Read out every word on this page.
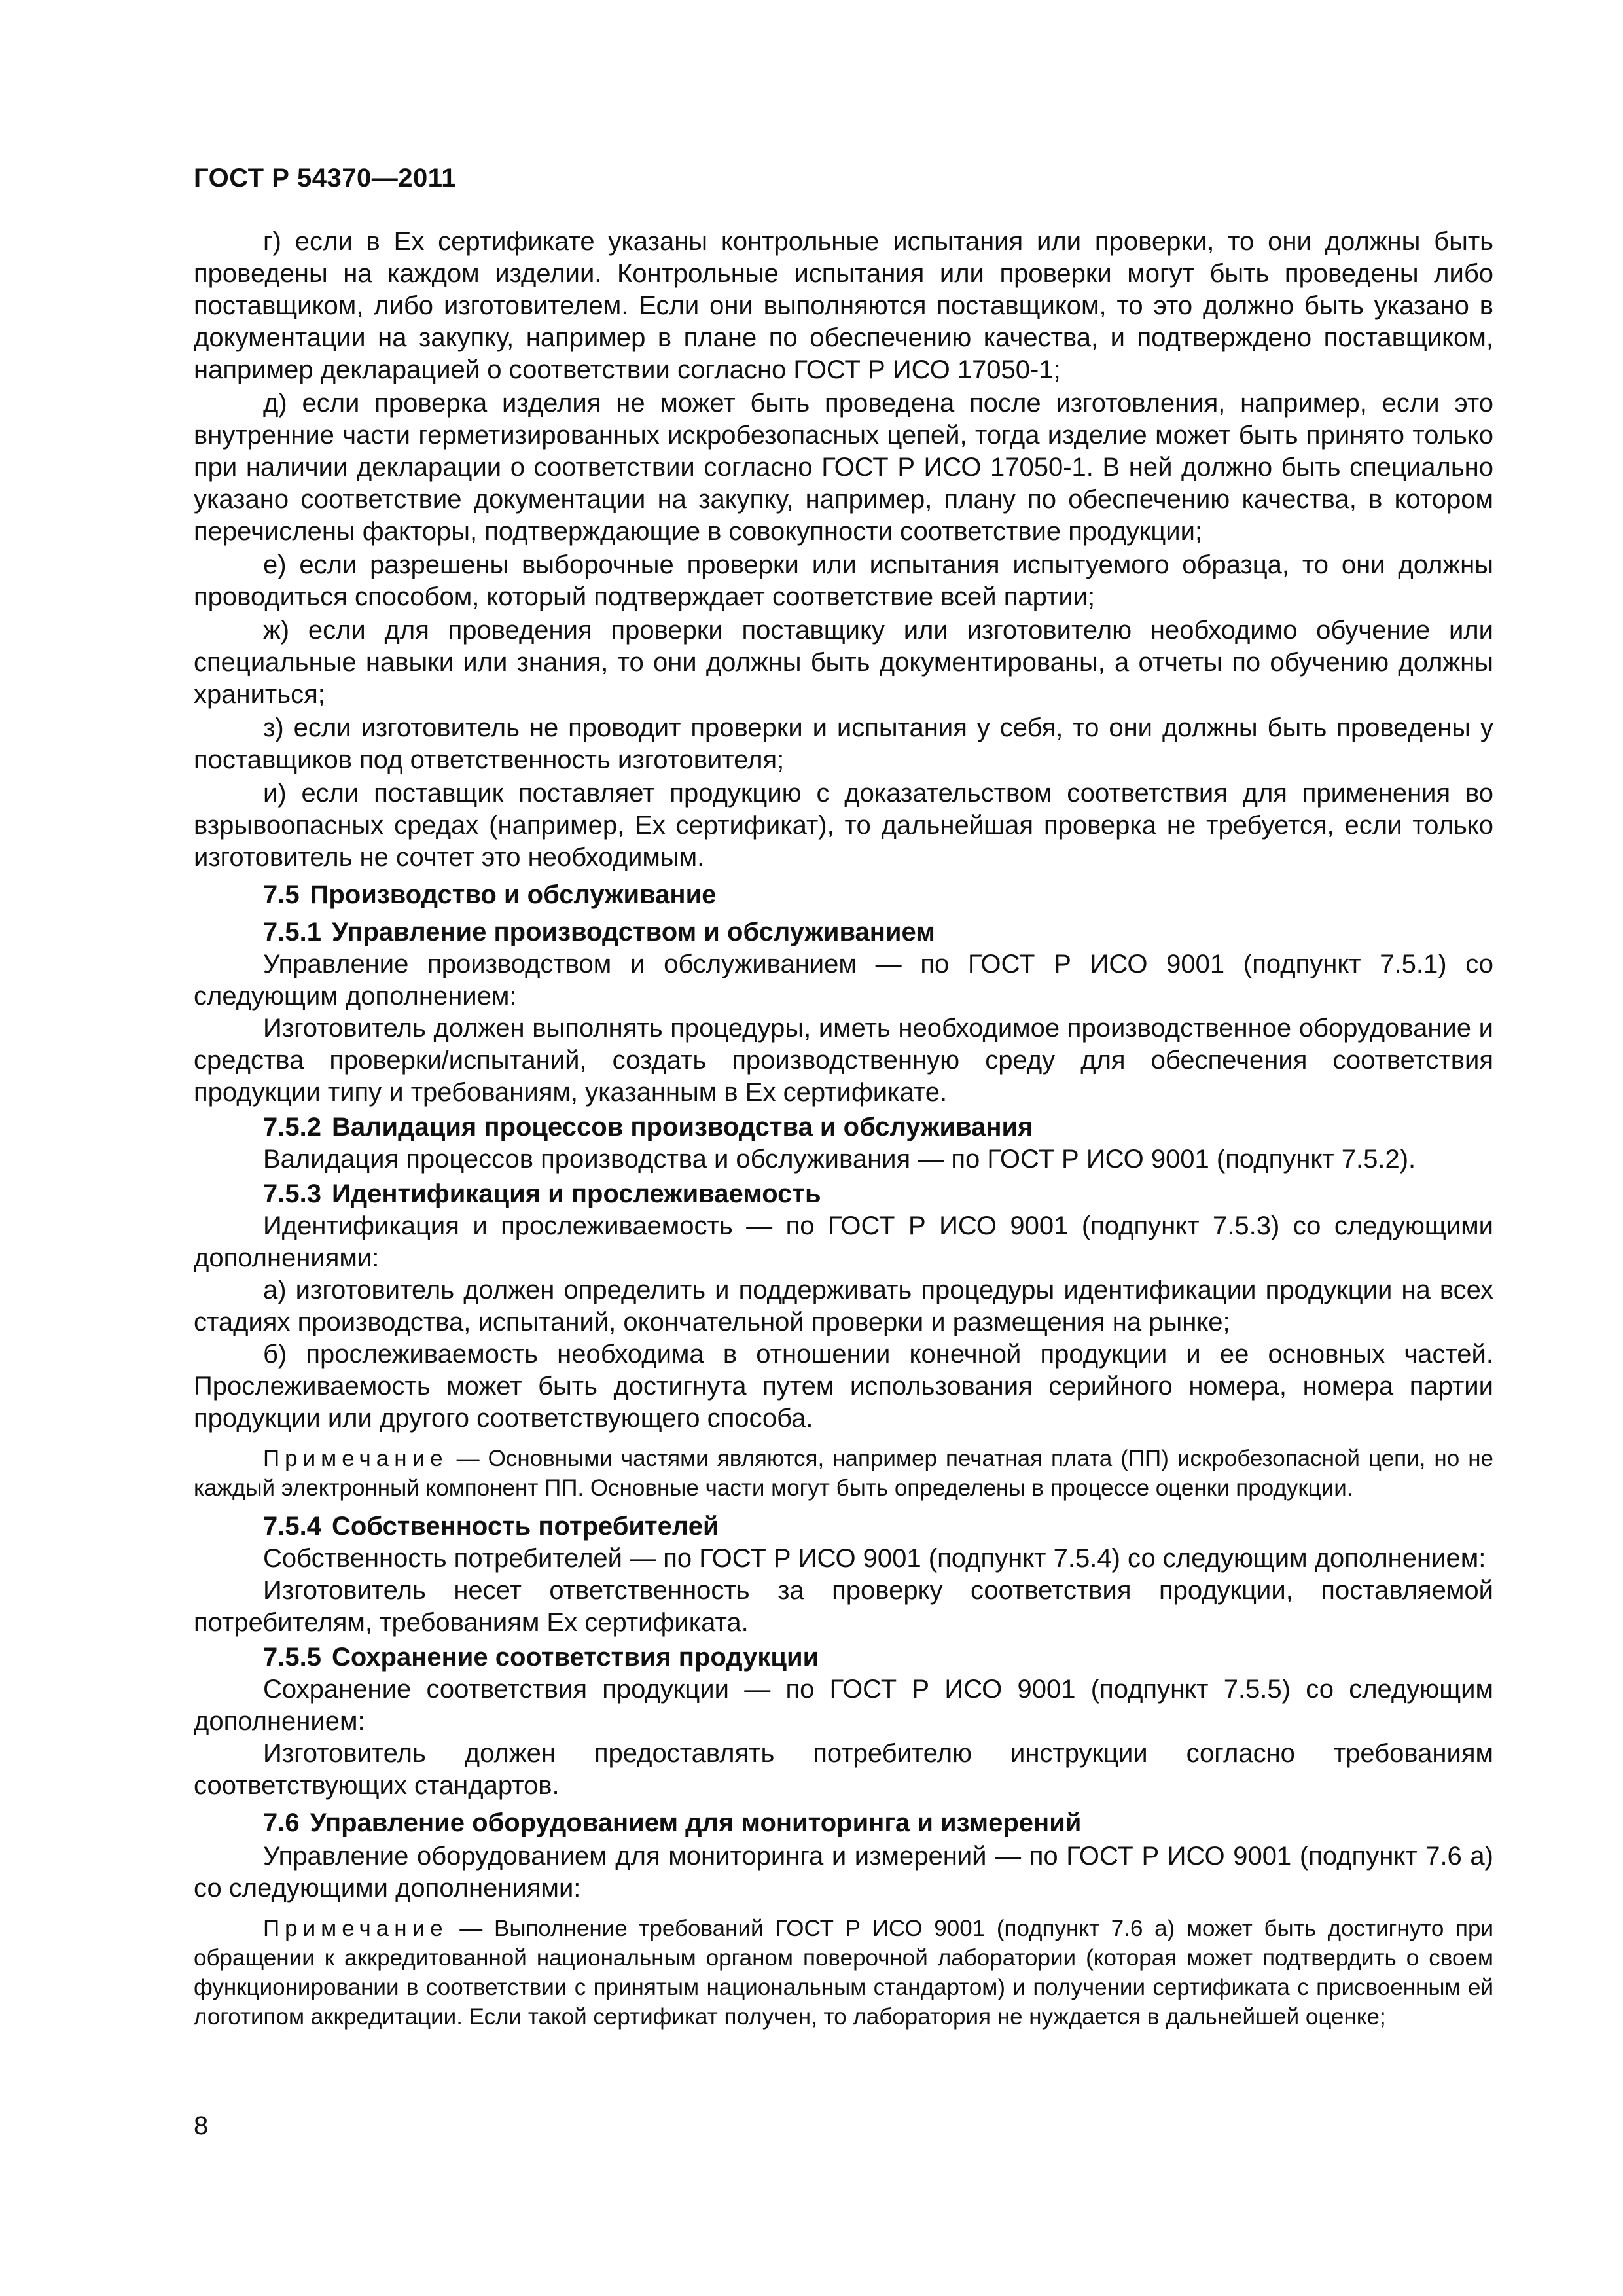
ГОСТ Р 54370—2011

г) если в Ех сертификате указаны контрольные испытания или проверки, то они должны быть проведены на каждом изделии. Контрольные испытания или проверки могут быть проведены либо поставщиком, либо изготовителем. Если они выполняются поставщиком, то это должно быть указано в документации на закупку, например в плане по обеспечению качества, и подтверждено поставщиком, например декларацией о соответствии согласно ГОСТ Р ИСО 17050-1;

д) если проверка изделия не может быть проведена после изготовления, например, если это внутренние части герметизированных искробезопасных цепей, тогда изделие может быть принято только при наличии декларации о соответствии согласно ГОСТ Р ИСО 17050-1. В ней должно быть специально указано соответствие документации на закупку, например, плану по обеспечению качества, в котором перечислены факторы, подтверждающие в совокупности соответствие продукции;

е) если разрешены выборочные проверки или испытания испытуемого образца, то они должны проводиться способом, который подтверждает соответствие всей партии;

ж) если для проведения проверки поставщику или изготовителю необходимо обучение или специальные навыки или знания, то они должны быть документированы, а отчеты по обучению должны храниться;

з) если изготовитель не проводит проверки и испытания у себя, то они должны быть проведены у поставщиков под ответственность изготовителя;

и) если поставщик поставляет продукцию с доказательством соответствия для применения во взрывоопасных средах (например, Ех сертификат), то дальнейшая проверка не требуется, если только изготовитель не сочтет это необходимым.

7.5 Производство и обслуживание
7.5.1 Управление производством и обслуживанием

Управление производством и обслуживанием — по ГОСТ Р ИСО 9001 (подпункт 7.5.1) со следующим дополнением:

Изготовитель должен выполнять процедуры, иметь необходимое производственное оборудование и средства проверки/испытаний, создать производственную среду для обеспечения соответствия продукции типу и требованиям, указанным в Ех сертификате.

7.5.2 Валидация процессов производства и обслуживания

Валидация процессов производства и обслуживания — по ГОСТ Р ИСО 9001 (подпункт 7.5.2).

7.5.3 Идентификация и прослеживаемость

Идентификация и прослеживаемость — по ГОСТ Р ИСО 9001 (подпункт 7.5.3) со следующими дополнениями:

а) изготовитель должен определить и поддерживать процедуры идентификации продукции на всех стадиях производства, испытаний, окончательной проверки и размещения на рынке;

б) прослеживаемость необходима в отношении конечной продукции и ее основных частей. Прослеживаемость может быть достигнута путем использования серийного номера, номера партии продукции или другого соответствующего способа.

Примечание — Основными частями являются, например печатная плата (ПП) искробезопасной цепи, но не каждый электронный компонент ПП. Основные части могут быть определены в процессе оценки продукции.

7.5.4 Собственность потребителей

Собственность потребителей — по ГОСТ Р ИСО 9001 (подпункт 7.5.4) со следующим дополнением:

Изготовитель несет ответственность за проверку соответствия продукции, поставляемой потребителям, требованиям Ех сертификата.

7.5.5 Сохранение соответствия продукции

Сохранение соответствия продукции — по ГОСТ Р ИСО 9001 (подпункт 7.5.5) со следующим дополнением:

Изготовитель должен предоставлять потребителю инструкции согласно требованиям соответствующих стандартов.

7.6 Управление оборудованием для мониторинга и измерений

Управление оборудованием для мониторинга и измерений — по ГОСТ Р ИСО 9001 (подпункт 7.6 а) со следующими дополнениями:

Примечание — Выполнение требований ГОСТ Р ИСО 9001 (подпункт 7.6 а) может быть достигнуто при обращении к аккредитованной национальным органом поверочной лаборатории (которая может подтвердить о своем функционировании в соответствии с принятым национальным стандартом) и получении сертификата с присвоенным ей логотипом аккредитации. Если такой сертификат получен, то лаборатория не нуждается в дальнейшей оценке;

8
